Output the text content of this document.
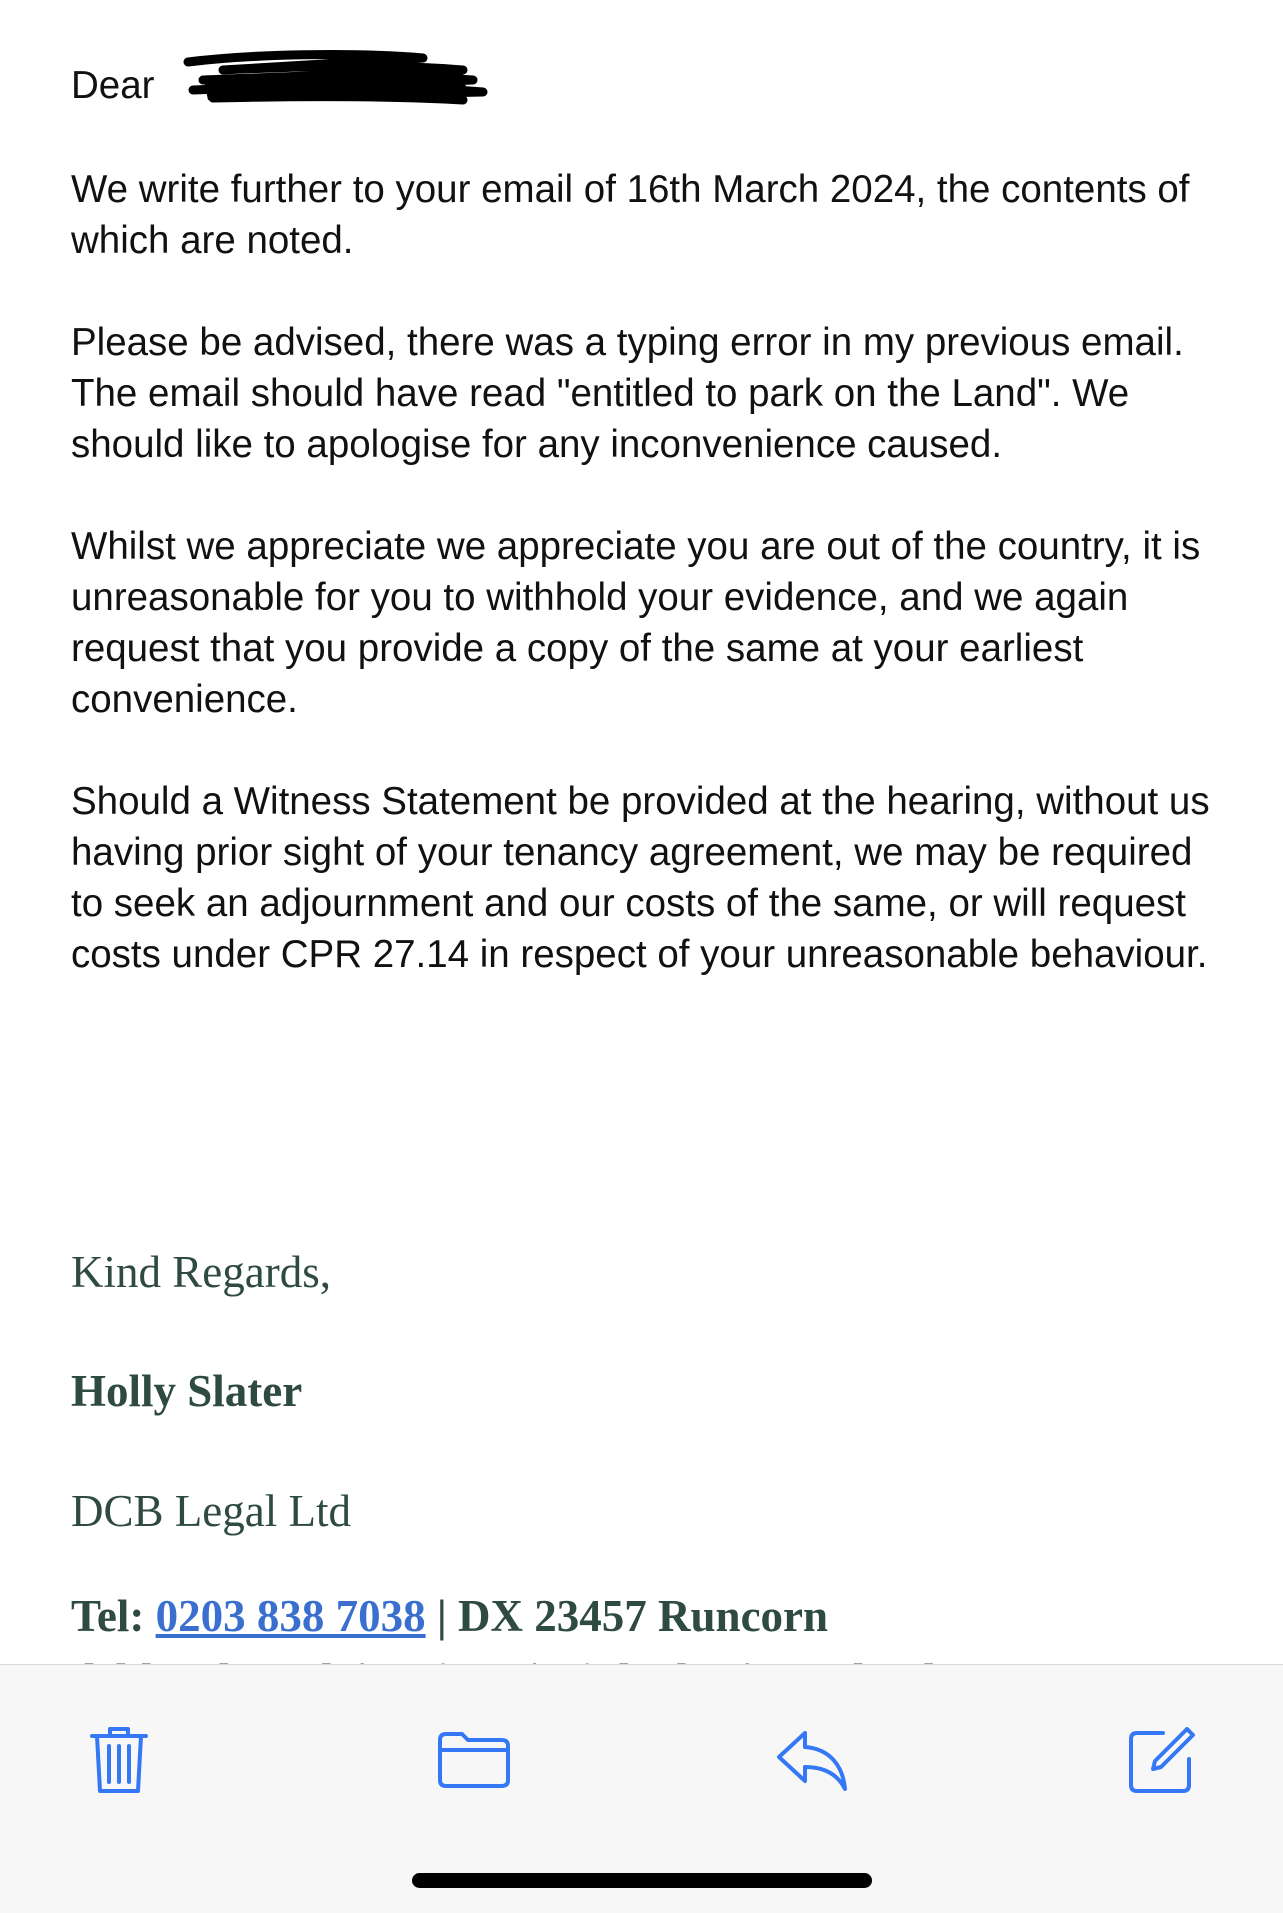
Dear

We write further to your email of 16th March 2024, the contents of which are noted.

Please be advised, there was a typing error in my previous email. The email should have read "entitled to park on the Land". We should like to apologise for any inconvenience caused.

Whilst we appreciate we appreciate you are out of the country, it is unreasonable for you to withhold your evidence, and we again request that you provide a copy of the same at your earliest convenience.

Should a Witness Statement be provided at the hearing, without us having prior sight of your tenancy agreement, we may be required to seek an adjournment and our costs of the same, or will request costs under CPR 27.14 in respect of your unreasonable behaviour.

Kind Regards,

Holly Slater

DCB Legal Ltd

Tel: 0203 838 7038 | DX 23457 Runcorn
